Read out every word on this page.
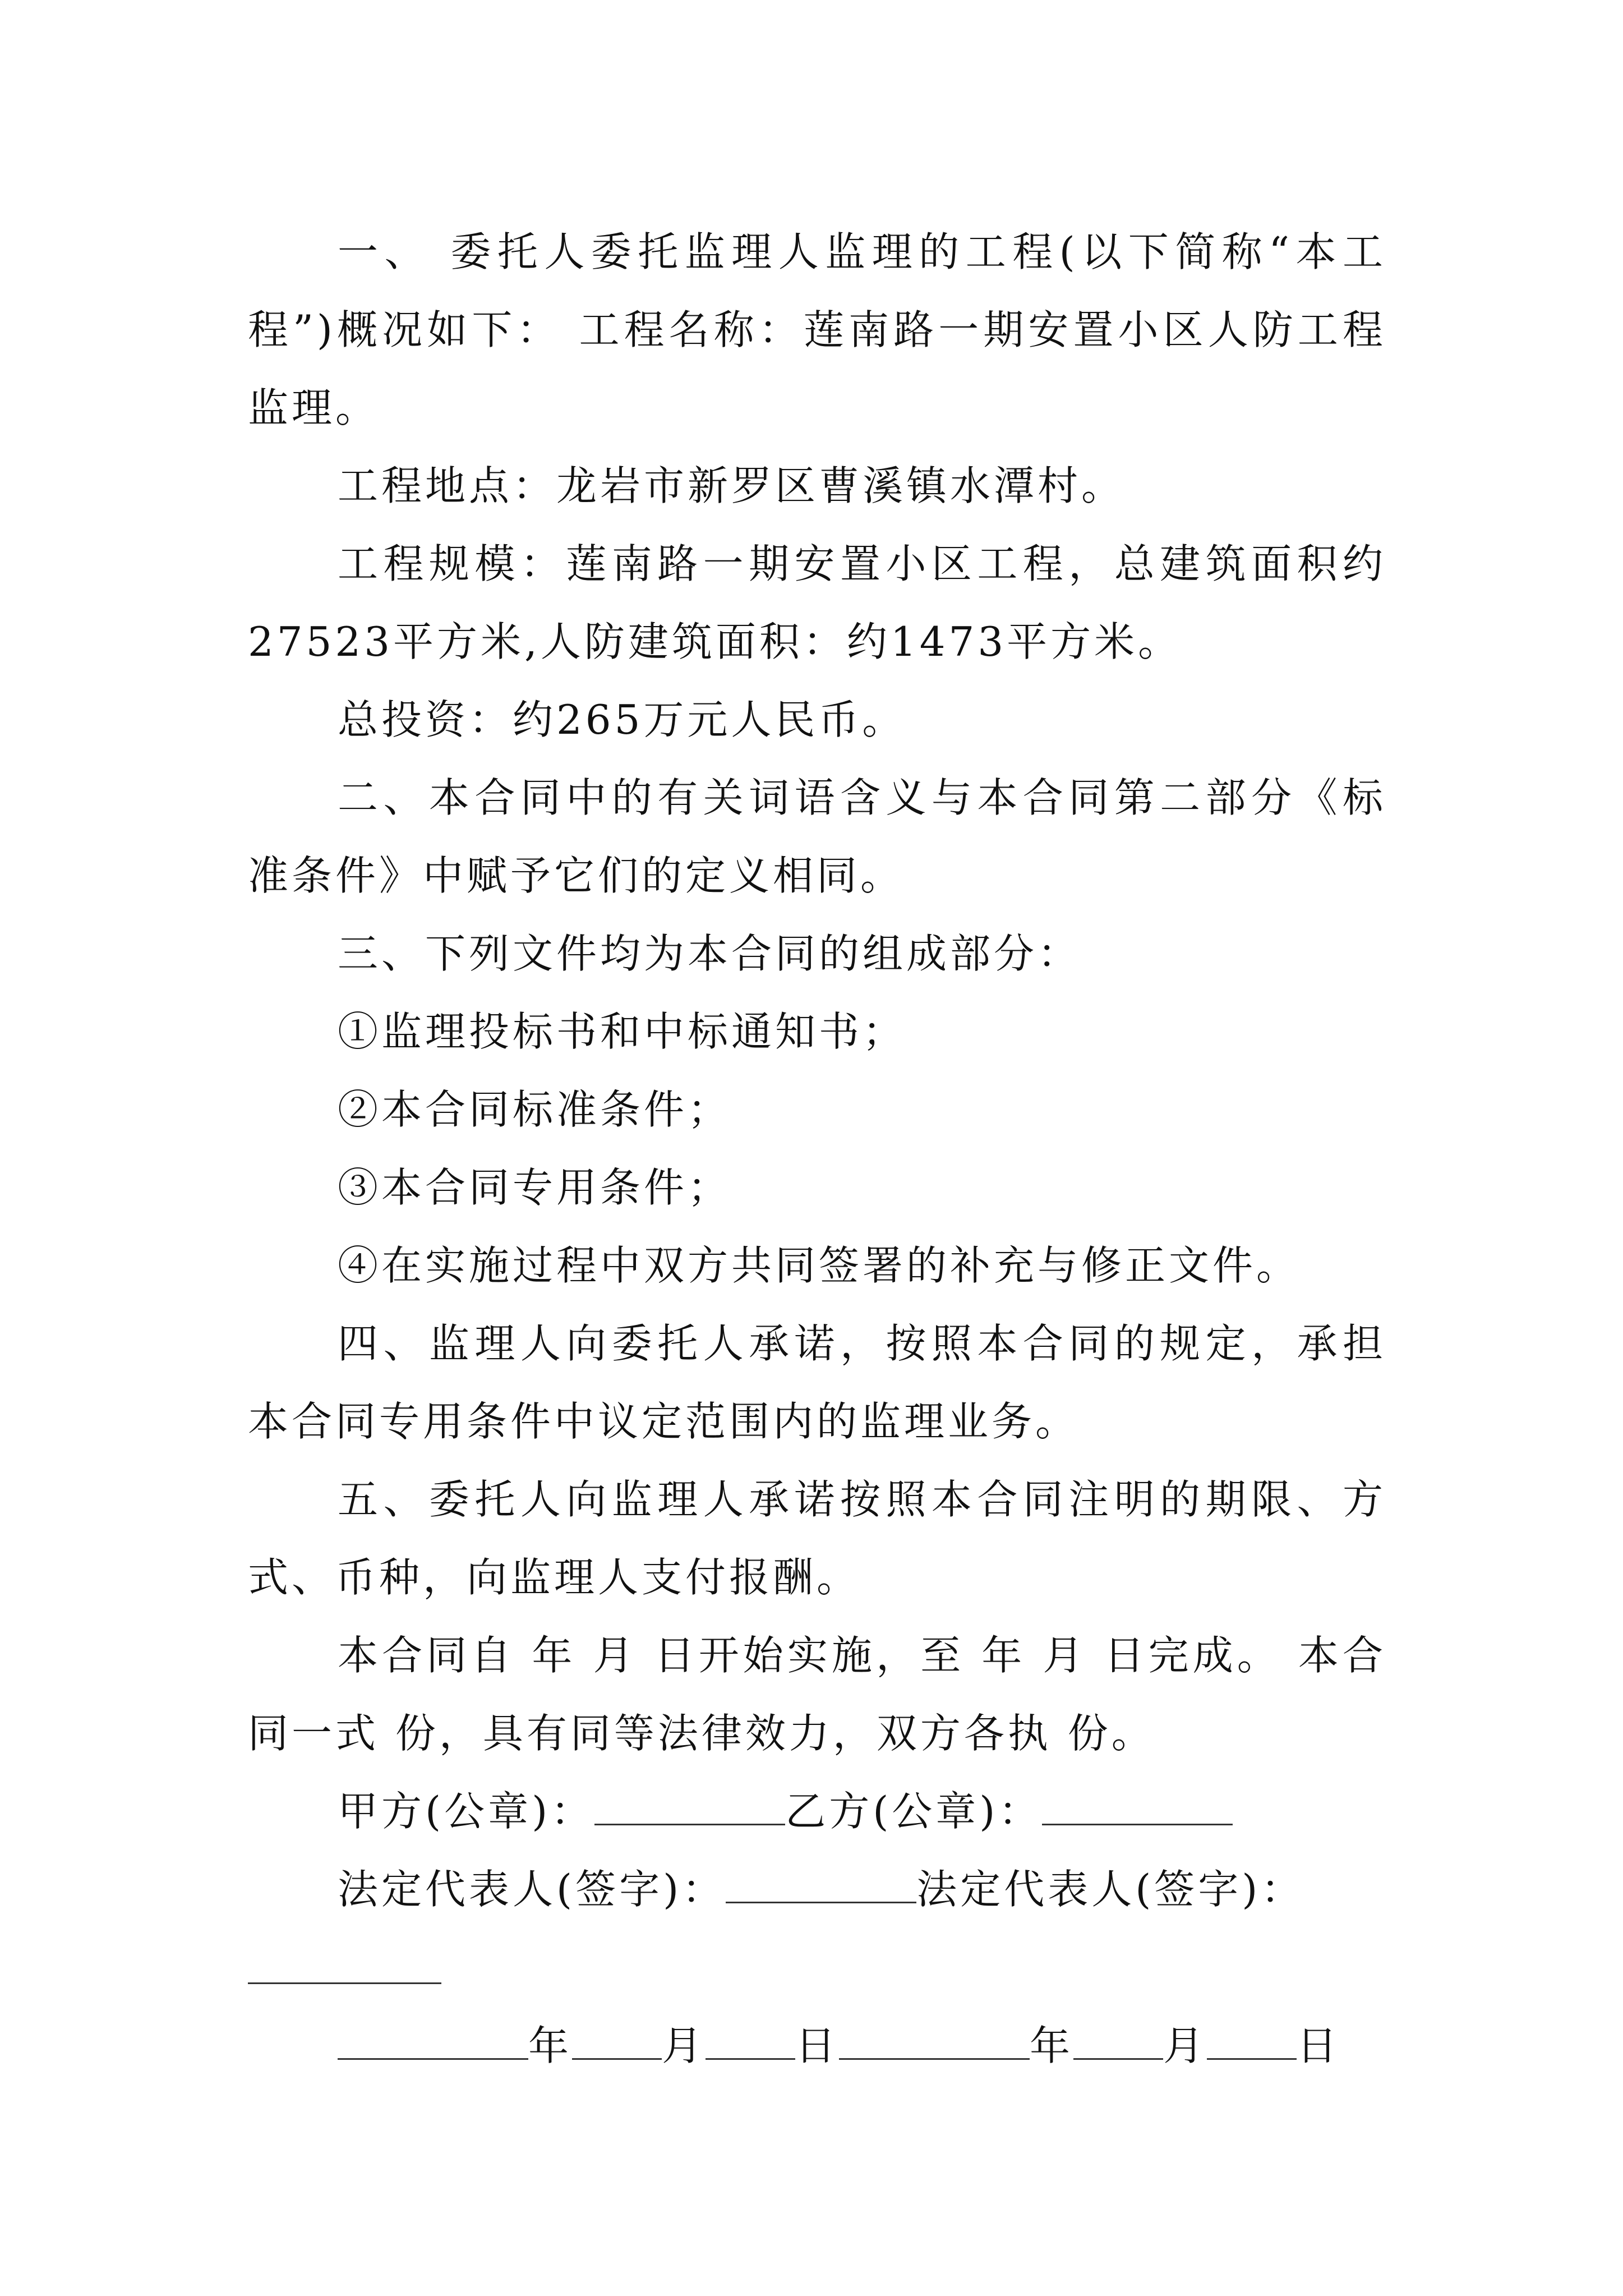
一、 委托人委托监理人监理的工程(以下简称“本工程”)概况如下： 工程名称：莲南路一期安置小区人防工程监理。

工程地点：龙岩市新罗区曹溪镇水潭村。

工程规模：莲南路一期安置小区工程，总建筑面积约27523平方米,人防建筑面积：约1473平方米。

总投资：约265万元人民币。

二、本合同中的有关词语含义与本合同第二部分《标准条件》中赋予它们的定义相同。

三、下列文件均为本合同的组成部分：

①监理投标书和中标通知书；

②本合同标准条件；

③本合同专用条件；

④在实施过程中双方共同签署的补充与修正文件。

四、监理人向委托人承诺，按照本合同的规定，承担本合同专用条件中议定范围内的监理业务。

五、委托人向监理人承诺按照本合同注明的期限、方式、币种，向监理人支付报酬。

本合同自 年 月 日开始实施，至 年 月 日完成。 本合同一式 份，具有同等法律效力，双方各执 份。

甲方(公章)：	乙方(公章)：

法定代表人(签字)：	法定代表人(签字)：

年 月 日	年 月 日
